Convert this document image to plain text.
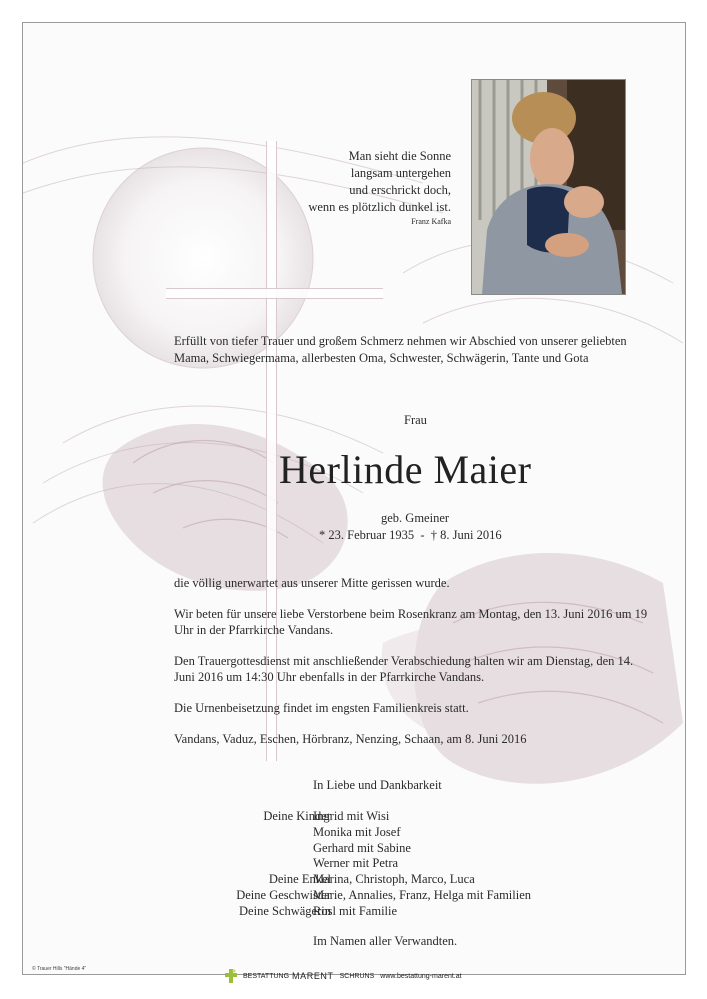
Man sieht die Sonne
langsam untergehen
und erschrickt doch,
wenn es plötzlich dunkel ist.
Franz Kafka
Erfüllt von tiefer Trauer und großem Schmerz nehmen wir Abschied von unserer geliebten Mama, Schwiegermama, allerbesten Oma, Schwester, Schwägerin, Tante und Gota
Frau
Herlinde Maier
geb. Gmeiner
* 23. Februar 1935  -  † 8. Juni 2016
die völlig unerwartet aus unserer Mitte gerissen wurde.
Wir beten für unsere liebe Verstorbene beim Rosenkranz am Montag, den 13. Juni 2016 um 19 Uhr in der Pfarrkirche Vandans.
Den Trauergottesdienst mit anschließender Verabschiedung halten wir am Dienstag, den 14. Juni 2016 um 14:30 Uhr ebenfalls in der Pfarrkirche Vandans.
Die Urnenbeisetzung findet im engsten Familienkreis statt.
Vandans, Vaduz, Eschen, Hörbranz, Nenzing, Schaan, am 8. Juni 2016
In Liebe und Dankbarkeit
Deine Kinder
Ingrid mit Wisi
Monika mit Josef
Gerhard mit Sabine
Werner mit Petra
Deine Enkel
Marina, Christoph, Marco, Luca
Deine Geschwister
Marie, Annalies, Franz, Helga mit Familien
Deine Schwägerin
Rosl mit Familie
Im Namen aller Verwandten.
© Trauer Hills "Hände 4"
BESTATTUNG MARENT SCHRUNS www.bestattung-marent.at
